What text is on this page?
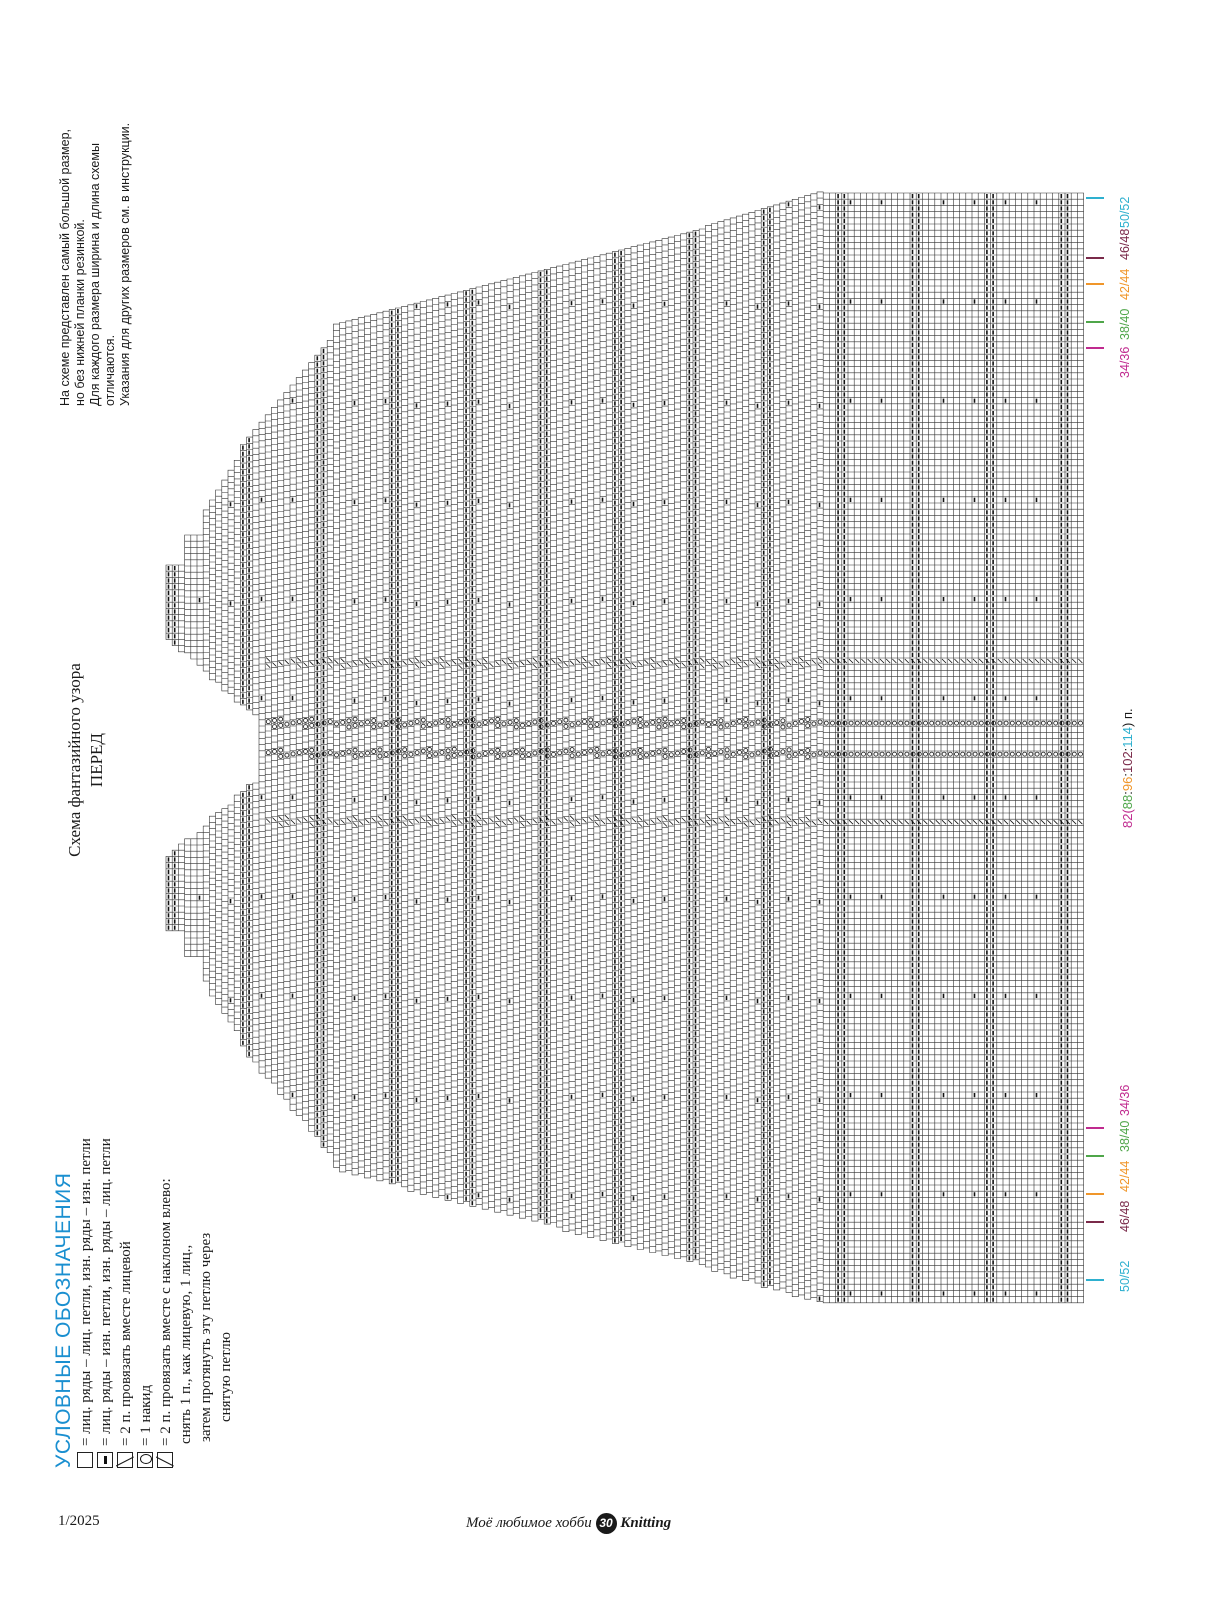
УСЛОВНЫЕ ОБОЗНАЧЕНИЯ = лиц. ряды – лиц. петли, изн. ряды – изн. петли = лиц. ряды – изн. петли, изн. ряды – лиц. петли
╲ = 2 п. провязать вместе лицевой = 1 накид
╱ = 2 п. провязать вместе с наклоном влево: снять 1 п., как лицевую, 1 лиц., затем протянуть эту петлю через снятую петлю
Схема фантазийного узора ПЕРЕД
На схеме представлен самый большой размер, но без нижней планки резинкой. Для каждого размера ширина и длина схемы отличаются. Указания для других размеров см. в инструкции.
82(88:96:102:114) п.
1/2025	Моё любимое хобби 30 Knitting
50/52
50/52
46/48
46/48
42/44
42/44
38/40
38/40
34/36
34/36
